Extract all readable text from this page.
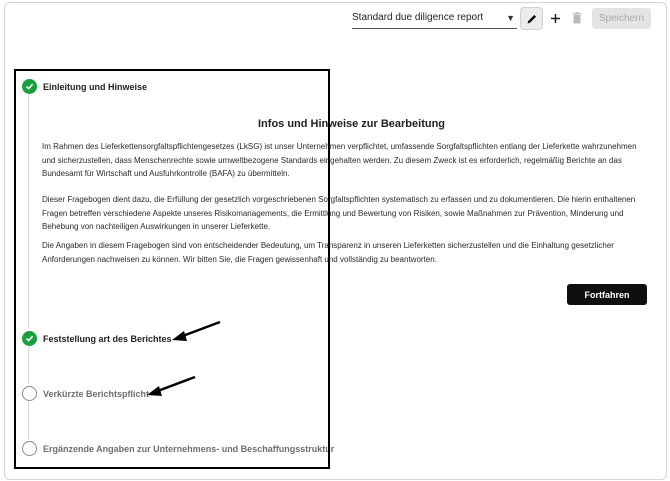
Standard due diligence report	▼	Speichern
Einleitung und Hinweise
Feststellung art des Berichtes
Verkürzte Berichtspflicht
Ergänzende Angaben zur Unternehmens- und Beschaffungsstruktur
Infos und Hinweise zur Bearbeitung
Im Rahmen des Lieferkettensorgfaltspflichtengesetzes (LkSG) ist unser Unternehmen verpflichtet, umfassende Sorgfaltspflichten entlang der Lieferkette wahrzunehmen und sicherzustellen, dass Menschenrechte sowie umweltbezogene Standards eingehalten werden. Zu diesem Zweck ist es erforderlich, regelmäßig Berichte an das Bundesamt für Wirtschaft und Ausfuhrkontrolle (BAFA) zu übermitteln.
Dieser Fragebogen dient dazu, die Erfüllung der gesetzlich vorgeschriebenen Sorgfaltspflichten systematisch zu erfassen und zu dokumentieren. Die hierin enthaltenen Fragen betreffen verschiedene Aspekte unseres Risikomanagements, die Ermittlung und Bewertung von Risiken, sowie Maßnahmen zur Prävention, Minderung und Behebung von nachteiligen Auswirkungen in unserer Lieferkette.
Die Angaben in diesem Fragebogen sind von entscheidender Bedeutung, um Transparenz in unseren Lieferketten sicherzustellen und die Einhaltung gesetzlicher Anforderungen nachweisen zu können. Wir bitten Sie, die Fragen gewissenhaft und vollständig zu beantworten.
Fortfahren
